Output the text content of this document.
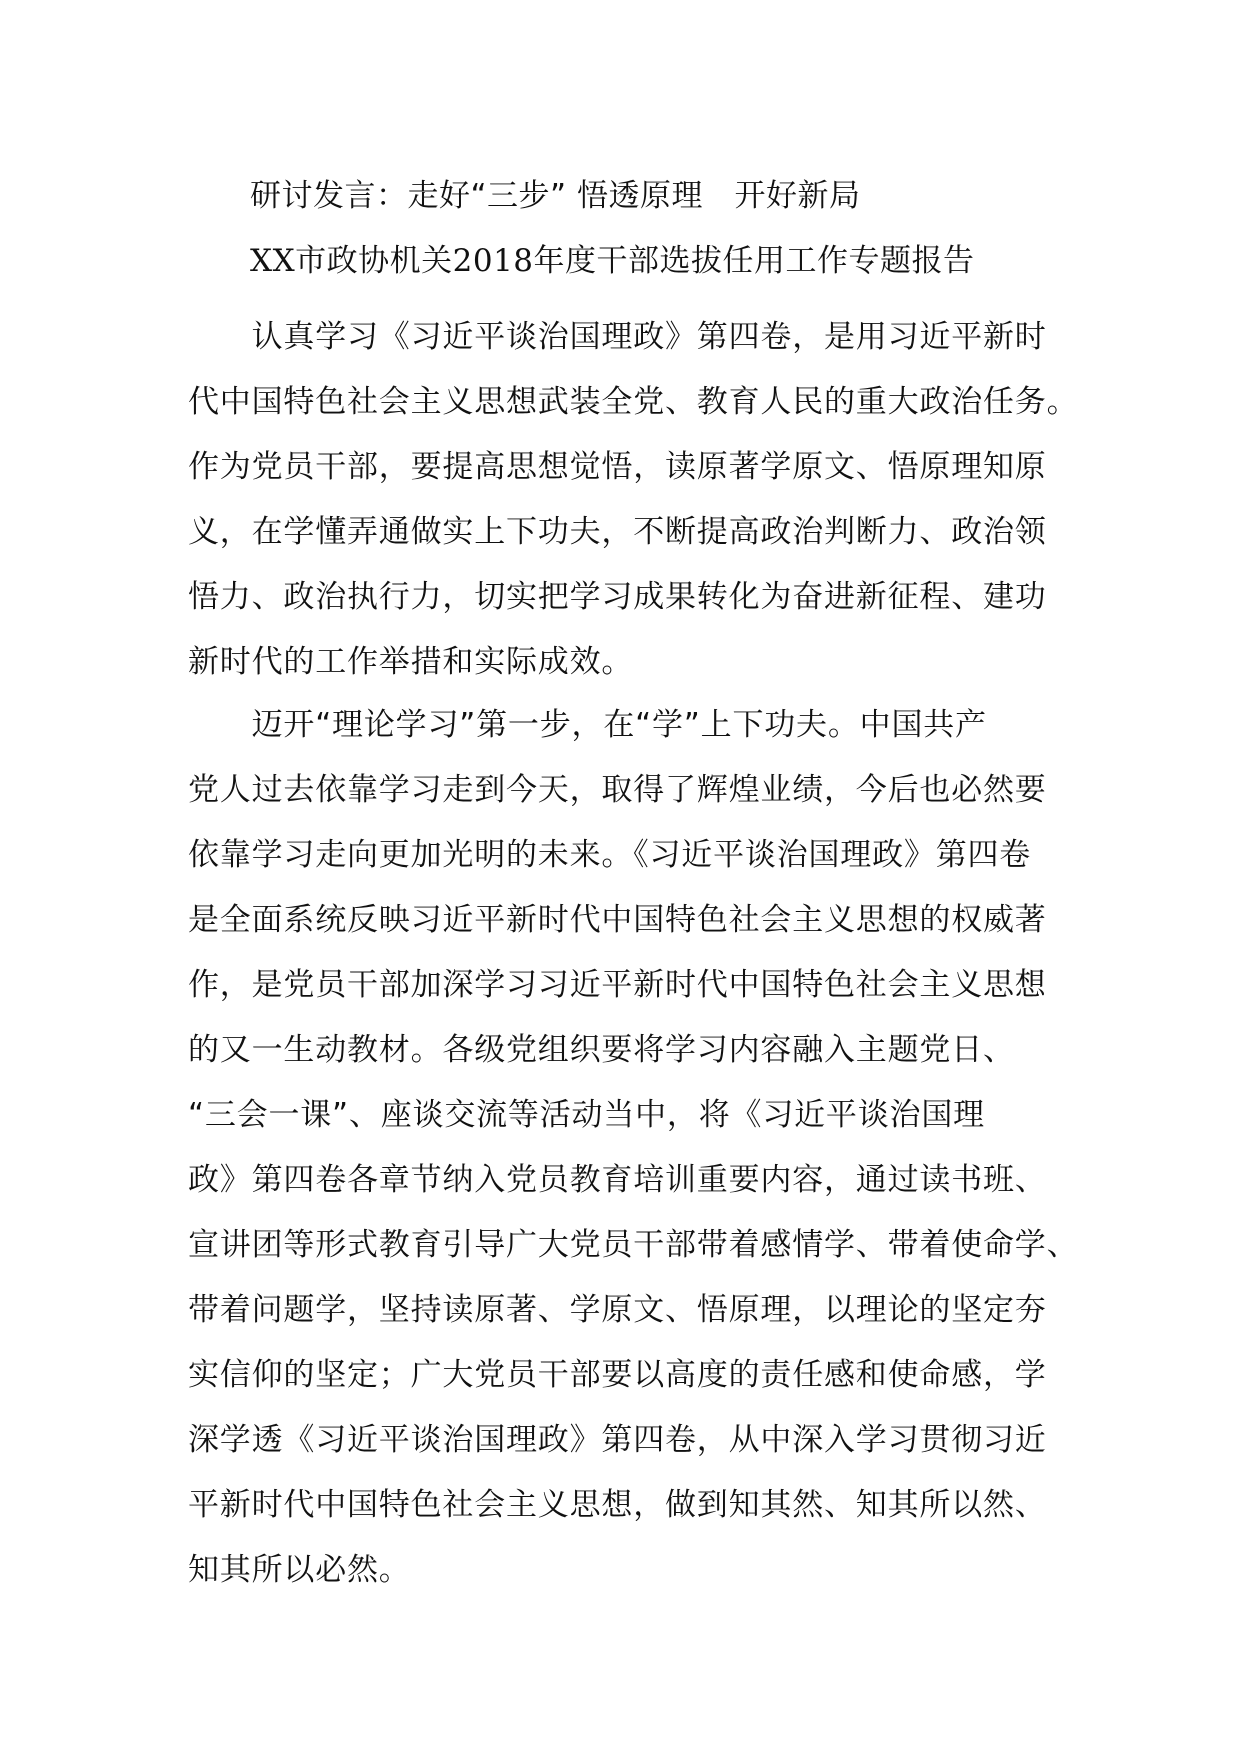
研讨发言：走好“三步” 悟透原理　开好新局
XX市政协机关2018年度干部选拔任用工作专题报告
　　认真学习《习近平谈治国理政》第四卷，是用习近平新时
代中国特色社会主义思想武装全党、教育人民的重大政治任务。
作为党员干部，要提高思想觉悟，读原著学原文、悟原理知原
义，在学懂弄通做实上下功夫，不断提高政治判断力、政治领
悟力、政治执行力，切实把学习成果转化为奋进新征程、建功
新时代的工作举措和实际成效。
　　迈开“理论学习”第一步，在“学”上下功夫。中国共产
党人过去依靠学习走到今天，取得了辉煌业绩，今后也必然要
依靠学习走向更加光明的未来。《习近平谈治国理政》第四卷
是全面系统反映习近平新时代中国特色社会主义思想的权威著
作，是党员干部加深学习习近平新时代中国特色社会主义思想
的又一生动教材。各级党组织要将学习内容融入主题党日、
“三会一课”、座谈交流等活动当中，将《习近平谈治国理
政》第四卷各章节纳入党员教育培训重要内容，通过读书班、
宣讲团等形式教育引导广大党员干部带着感情学、带着使命学、
带着问题学，坚持读原著、学原文、悟原理，以理论的坚定夯
实信仰的坚定；广大党员干部要以高度的责任感和使命感，学
深学透《习近平谈治国理政》第四卷，从中深入学习贯彻习近
平新时代中国特色社会主义思想，做到知其然、知其所以然、
知其所以必然。
